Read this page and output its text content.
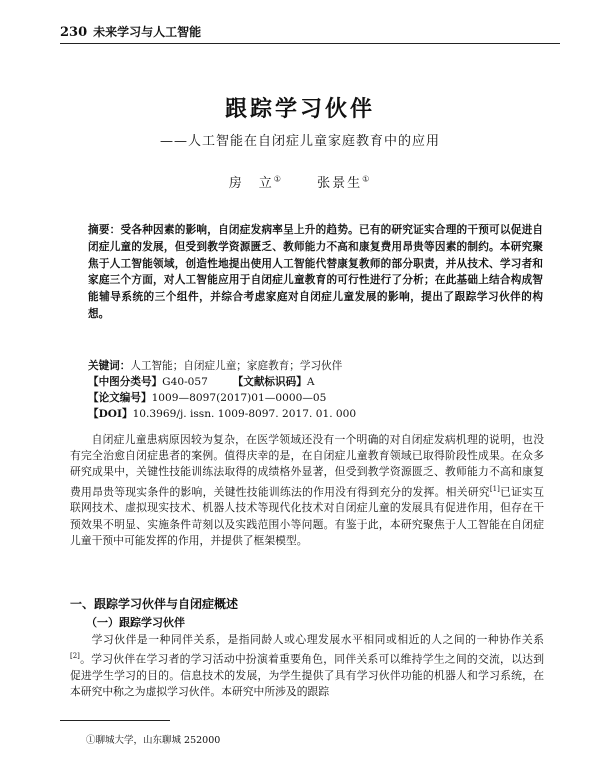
230 未来学习与人工智能
跟踪学习伙伴
——人工智能在自闭症儿童家庭教育中的应用
房　立①	张景生①
摘要：受各种因素的影响，自闭症发病率呈上升的趋势。已有的研究证实合理的干预可以促进自闭症儿童的发展，但受到教学资源匮乏、教师能力不高和康复费用昂贵等因素的制约。本研究聚焦于人工智能领域，创造性地提出使用人工智能代替康复教师的部分职责，并从技术、学习者和家庭三个方面，对人工智能应用于自闭症儿童教育的可行性进行了分析；在此基础上结合构成智能辅导系统的三个组件，并综合考虑家庭对自闭症儿童发展的影响，提出了跟踪学习伙伴的构想。
关键词：人工智能；自闭症儿童；家庭教育；学习伙伴
【中图分类号】G40-057 【文献标识码】A
【论文编号】1009—8097(2017)01—0000—05
【DOI】10.3969/j. issn. 1009-8097. 2017. 01. 000
自闭症儿童患病原因较为复杂，在医学领域还没有一个明确的对自闭症发病机理的说明，也没有完全治愈自闭症患者的案例。值得庆幸的是，在自闭症儿童教育领域已取得阶段性成果。在众多研究成果中，关键性技能训练法取得的成绩格外显著，但受到教学资源匮乏、教师能力不高和康复费用昂贵等现实条件的影响，关键性技能训练法的作用没有得到充分的发挥。相关研究[1]已证实互联网技术、虚拟现实技术、机器人技术等现代化技术对自闭症儿童的发展具有促进作用，但存在干预效果不明显、实施条件苛刻以及实践范围小等问题。有鉴于此，本研究聚焦于人工智能在自闭症儿童干预中可能发挥的作用，并提供了框架模型。
一、跟踪学习伙伴与自闭症概述
（一）跟踪学习伙伴
学习伙伴是一种同伴关系，是指同龄人或心理发展水平相同或相近的人之间的一种协作关系[2]。学习伙伴在学习者的学习活动中扮演着重要角色，同伴关系可以维持学生之间的交流，以达到促进学生学习的目的。信息技术的发展，为学生提供了具有学习伙伴功能的机器人和学习系统，在本研究中称之为虚拟学习伙伴。本研究中所涉及的跟踪
①聊城大学，山东聊城 252000
